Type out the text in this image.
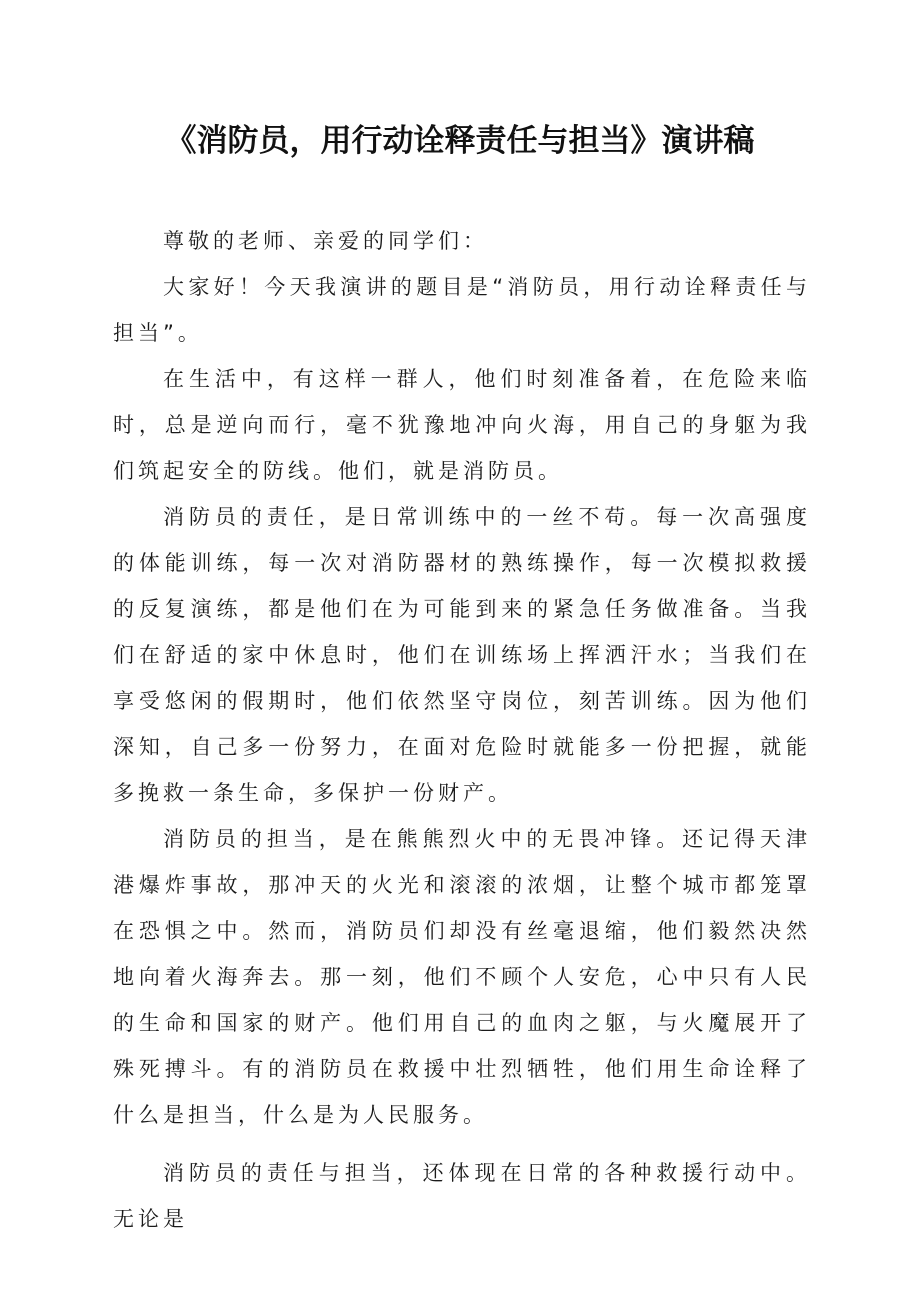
《消防员，用行动诠释责任与担当》演讲稿

尊敬的老师、亲爱的同学们：

大家好！今天我演讲的题目是“消防员，用行动诠释责任与担当”。

在生活中，有这样一群人，他们时刻准备着，在危险来临时，总是逆向而行，毫不犹豫地冲向火海，用自己的身躯为我们筑起安全的防线。他们，就是消防员。

消防员的责任，是日常训练中的一丝不苟。每一次高强度的体能训练，每一次对消防器材的熟练操作，每一次模拟救援的反复演练，都是他们在为可能到来的紧急任务做准备。当我们在舒适的家中休息时，他们在训练场上挥洒汗水；当我们在享受悠闲的假期时，他们依然坚守岗位，刻苦训练。因为他们深知，自己多一份努力，在面对危险时就能多一份把握，就能多挽救一条生命，多保护一份财产。

消防员的担当，是在熊熊烈火中的无畏冲锋。还记得天津港爆炸事故，那冲天的火光和滚滚的浓烟，让整个城市都笼罩在恐惧之中。然而，消防员们却没有丝毫退缩，他们毅然决然地向着火海奔去。那一刻，他们不顾个人安危，心中只有人民的生命和国家的财产。他们用自己的血肉之躯，与火魔展开了殊死搏斗。有的消防员在救援中壮烈牺牲，他们用生命诠释了什么是担当，什么是为人民服务。

消防员的责任与担当，还体现在日常的各种救援行动中。无论是
